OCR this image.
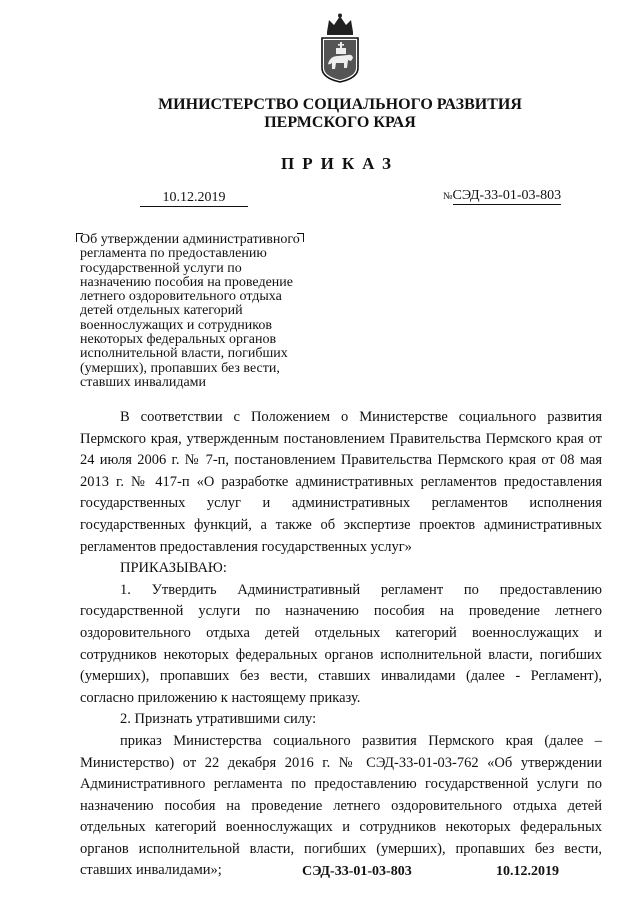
МИНИСТЕРСТВО СОЦИАЛЬНОГО РАЗВИТИЯ
ПЕРМСКОГО КРАЯ
ПРИКАЗ
10.12.2019	№СЭД-33-01-03-803
Об утверждении административного регламента по предоставлению государственной услуги по назначению пособия на проведение летнего оздоровительного отдыха детей отдельных категорий военнослужащих и сотрудников некоторых федеральных органов исполнительной власти, погибших (умерших), пропавших без вести, ставших инвалидами

В соответствии с Положением о Министерстве социального развития Пермского края, утвержденным постановлением Правительства Пермского края от 24 июля 2006 г. № 7-п, постановлением Правительства Пермского края от 08 мая 2013 г. № 417-п «О разработке административных регламентов предоставления государственных услуг и административных регламентов исполнения государственных функций, а также об экспертизе проектов административных регламентов предоставления государственных услуг»

ПРИКАЗЫВАЮ:

1. Утвердить Административный регламент по предоставлению государственной услуги по назначению пособия на проведение летнего оздоровительного отдыха детей отдельных категорий военнослужащих и сотрудников некоторых федеральных органов исполнительной власти, погибших (умерших), пропавших без вести, ставших инвалидами (далее - Регламент), согласно приложению к настоящему приказу.

2. Признать утратившими силу:

приказ Министерства социального развития Пермского края (далее – Министерство) от 22 декабря 2016 г. № СЭД-33-01-03-762 «Об утверждении Административного регламента по предоставлению государственной услуги по назначению пособия на проведение летнего оздоровительного отдыха детей отдельных категорий военнослужащих и сотрудников некоторых федеральных органов исполнительной власти, погибших (умерших), пропавших без вести, ставших инвалидами»;	СЭД-33-01-03-803	10.12.2019
